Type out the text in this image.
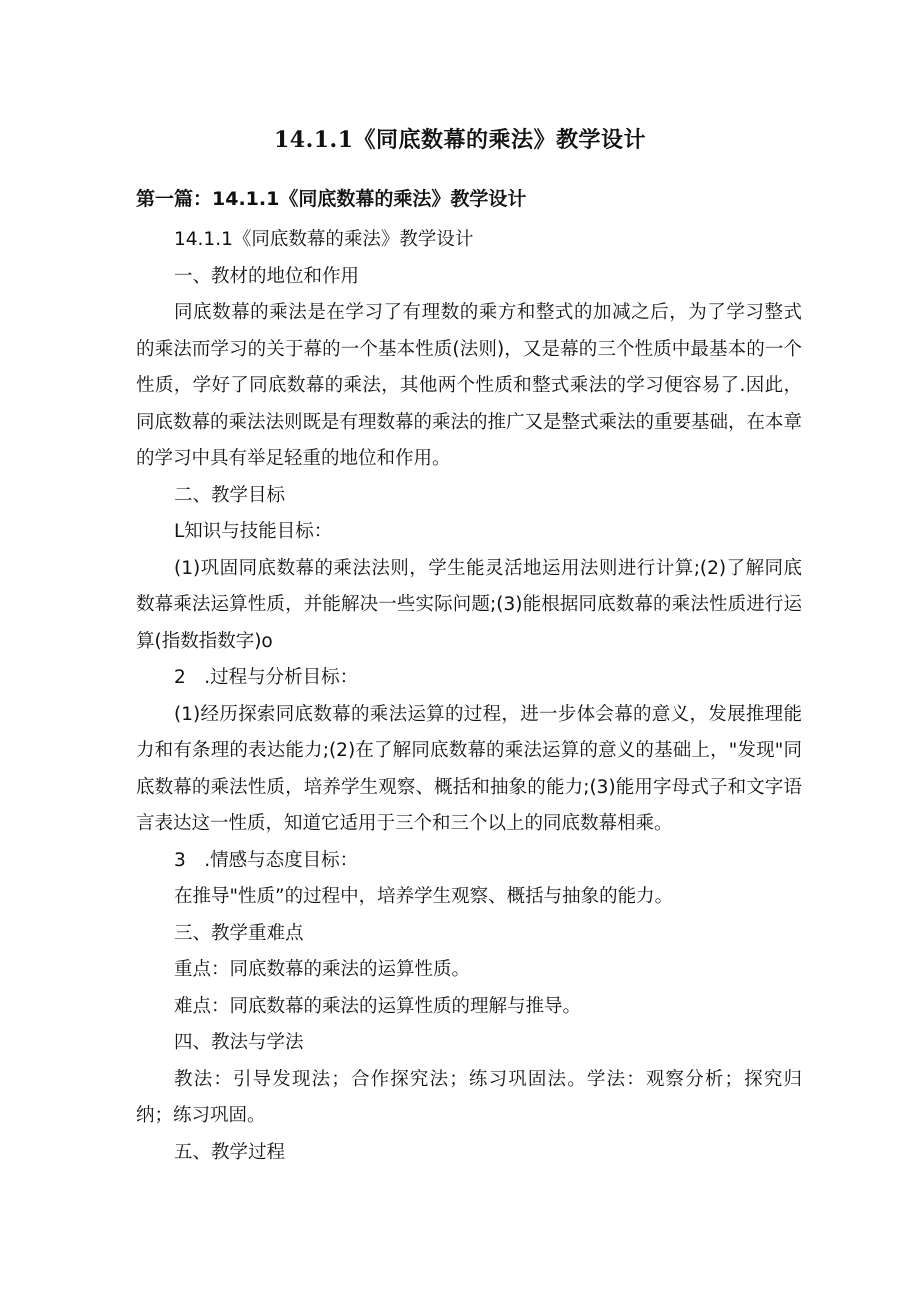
14.1.1《同底数幕的乘法》教学设计
第一篇：14.1.1《同底数幕的乘法》教学设计

14.1.1《同底数幕的乘法》教学设计

一、教材的地位和作用

同底数幕的乘法是在学习了有理数的乘方和整式的加减之后，为了学习整式的乘法而学习的关于幕的一个基本性质(法则)，又是幕的三个性质中最基本的一个性质，学好了同底数幕的乘法，其他两个性质和整式乘法的学习便容易了.因此，同底数幕的乘法法则既是有理数幕的乘法的推广又是整式乘法的重要基础，在本章的学习中具有举足轻重的地位和作用。

二、教学目标

L知识与技能目标：

(1)巩固同底数幕的乘法法则，学生能灵活地运用法则进行计算;(2)了解同底数幕乘法运算性质，并能解决一些实际问题;(3)能根据同底数幕的乘法性质进行运算(指数指数字)o

2　.过程与分析目标：

(1)经历探索同底数幕的乘法运算的过程，进一步体会幕的意义，发展推理能力和有条理的表达能力;(2)在了解同底数幕的乘法运算的意义的基础上，"发现"同底数幕的乘法性质，培养学生观察、概括和抽象的能力;(3)能用字母式子和文字语言表达这一性质，知道它适用于三个和三个以上的同底数幕相乘。

3　.情感与态度目标：

在推导"性质”的过程中，培养学生观察、概括与抽象的能力。

三、教学重难点

重点：同底数幕的乘法的运算性质。

难点：同底数幕的乘法的运算性质的理解与推导。

四、教法与学法

教法：引导发现法；合作探究法；练习巩固法。学法：观察分析；探究归纳；练习巩固。

五、教学过程
